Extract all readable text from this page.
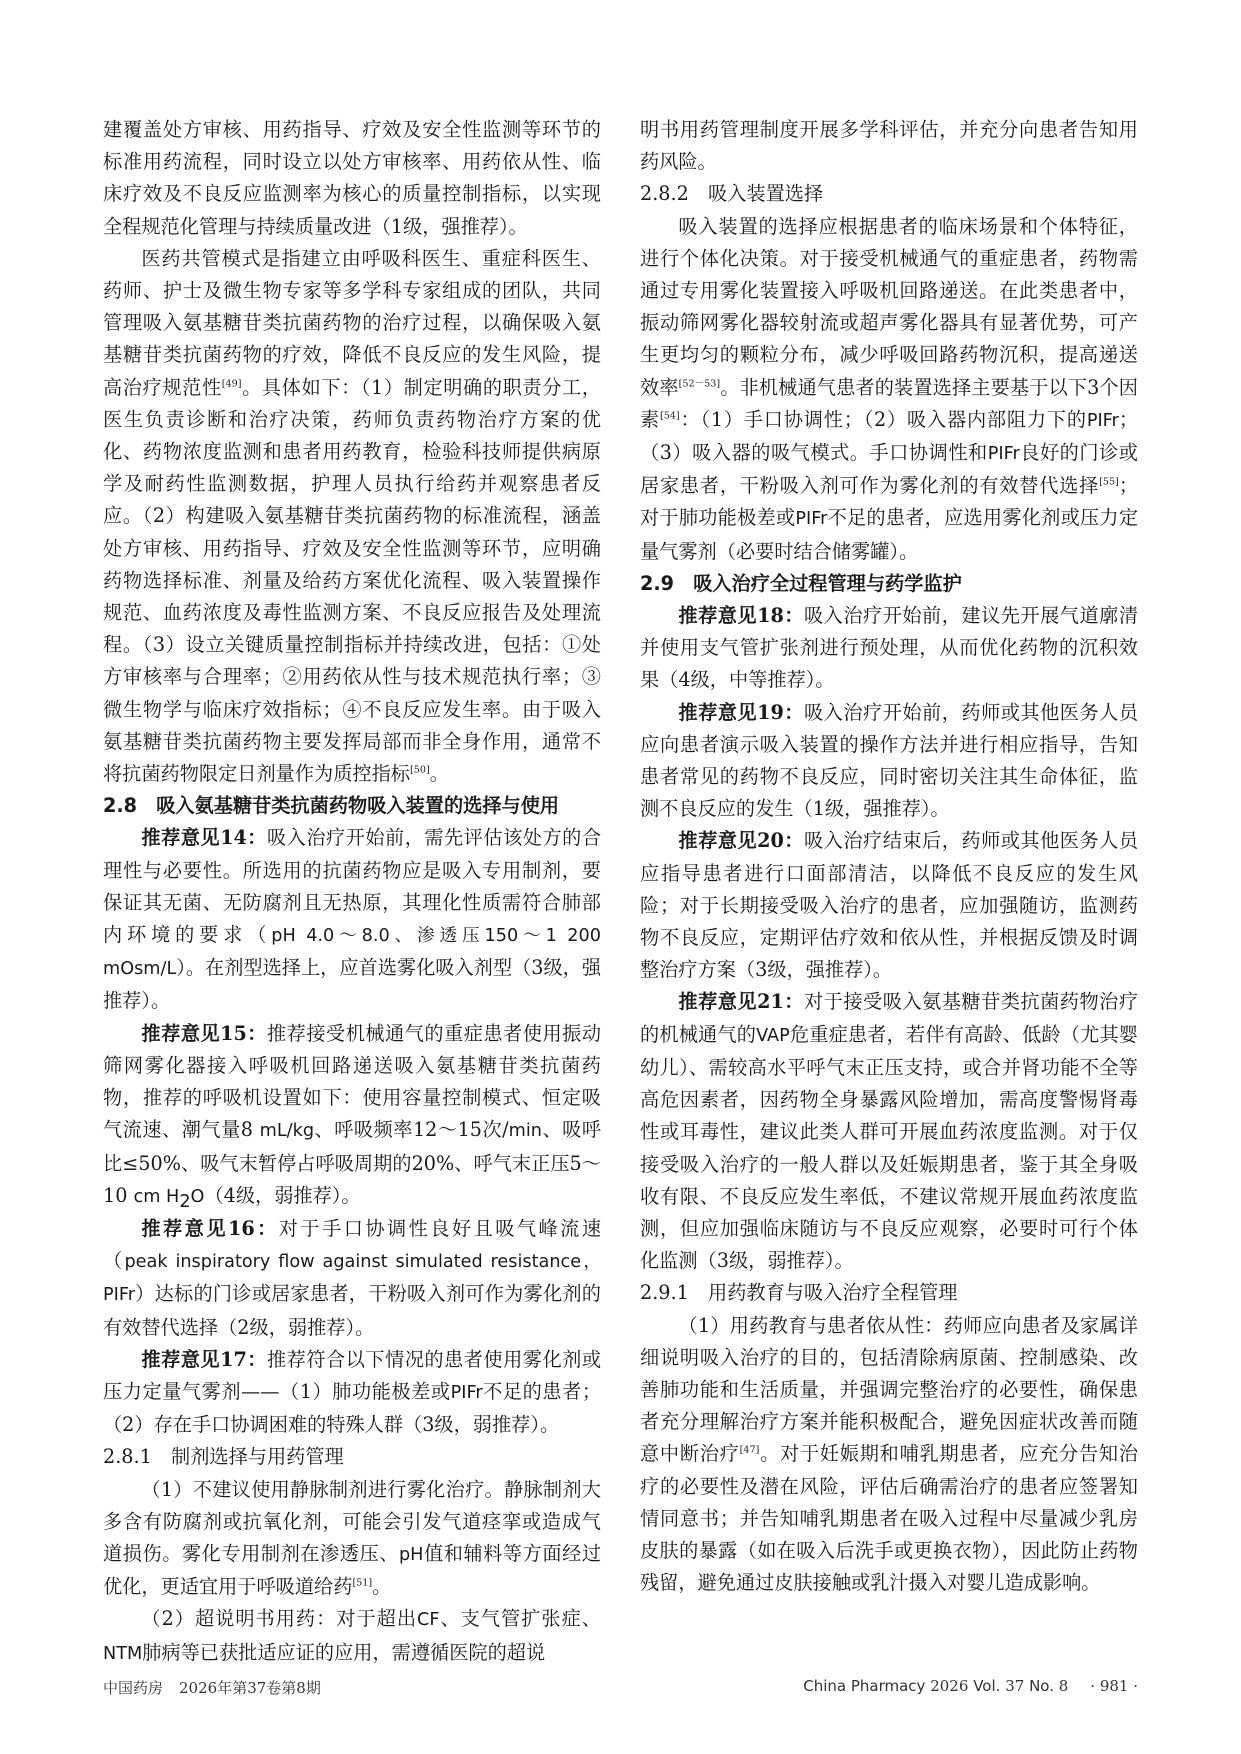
建覆盖处方审核、用药指导、疗效及安全性监测等环节的标准用药流程，同时设立以处方审核率、用药依从性、临床疗效及不良反应监测率为核心的质量控制指标，以实现全程规范化管理与持续质量改进（1级，强推荐）。

医药共管模式是指建立由呼吸科医生、重症科医生、药师、护士及微生物专家等多学科专家组成的团队，共同管理吸入氨基糖苷类抗菌药物的治疗过程，以确保吸入氨基糖苷类抗菌药物的疗效，降低不良反应的发生风险，提高治疗规范性[49]。具体如下：（1）制定明确的职责分工，医生负责诊断和治疗决策，药师负责药物治疗方案的优化、药物浓度监测和患者用药教育，检验科技师提供病原学及耐药性监测数据，护理人员执行给药并观察患者反应。（2）构建吸入氨基糖苷类抗菌药物的标准流程，涵盖处方审核、用药指导、疗效及安全性监测等环节，应明确药物选择标准、剂量及给药方案优化流程、吸入装置操作规范、血药浓度及毒性监测方案、不良反应报告及处理流程。（3）设立关键质量控制指标并持续改进，包括：①处方审核率与合理率；②用药依从性与技术规范执行率；③微生物学与临床疗效指标；④不良反应发生率。由于吸入氨基糖苷类抗菌药物主要发挥局部而非全身作用，通常不将抗菌药物限定日剂量作为质控指标[50]。

2.8 吸入氨基糖苷类抗菌药物吸入装置的选择与使用

推荐意见14：吸入治疗开始前，需先评估该处方的合理性与必要性。所选用的抗菌药物应是吸入专用制剂，要保证其无菌、无防腐剂且无热原，其理化性质需符合肺部内环境的要求（pH 4.0～8.0、渗透压150～1 200 mOsm/L）。在剂型选择上，应首选雾化吸入剂型（3级，强推荐）。

推荐意见15：推荐接受机械通气的重症患者使用振动筛网雾化器接入呼吸机回路递送吸入氨基糖苷类抗菌药物，推荐的呼吸机设置如下：使用容量控制模式、恒定吸气流速、潮气量8 mL/kg、呼吸频率12～15次/min、吸呼比≤50%、吸气末暂停占呼吸周期的20%、呼气末正压5～10 cm $H_2O(4$级，弱推荐）。

推荐意见16：对于手口协调性良好且吸气峰流速（peak inspiratory flow against simulated resistance，PIFr）达标的门诊或居家患者，干粉吸入剂可作为雾化剂的有效替代选择（2级，弱推荐）。

推荐意见17：推荐符合以下情况的患者使用雾化剂或压力定量气雾剂——（1）肺功能极差或PIFr不足的患者；（2）存在手口协调困难的特殊人群（3级，弱推荐）。

2.8.1 制剂选择与用药管理

（1）不建议使用静脉制剂进行雾化治疗。静脉制剂大多含有防腐剂或抗氧化剂，可能会引发气道痉挛或造成气道损伤。雾化专用制剂在渗透压、pH值和辅料等方面经过优化，更适宜用于呼吸道给药[51]。

（2）超说明书用药：对于超出CF、支气管扩张症、NTM肺病等已获批适应证的应用，需遵循医院的超说

明书用药管理制度开展多学科评估，并充分向患者告知用药风险。

2.8.2 吸入装置选择

吸入装置的选择应根据患者的临床场景和个体特征，进行个体化决策。对于接受机械通气的重症患者，药物需通过专用雾化装置接入呼吸机回路递送。在此类患者中，振动筛网雾化器较射流或超声雾化器具有显著优势，可产生更均匀的颗粒分布，减少呼吸回路药物沉积，提高递送效率[52－53]。非机械通气患者的装置选择主要基于以下3个因素[54]：（1）手口协调性；（2）吸入器内部阻力下的PIFr；（3）吸入器的吸气模式。手口协调性和PIFr良好的门诊或居家患者，干粉吸入剂可作为雾化剂的有效替代选择[55]；对于肺功能极差或PIFr不足的患者，应选用雾化剂或压力定量气雾剂（必要时结合储雾罐）。

2.9 吸入治疗全过程管理与药学监护

推荐意见18：吸入治疗开始前，建议先开展气道廓清并使用支气管扩张剂进行预处理，从而优化药物的沉积效果（4级，中等推荐）。

推荐意见19：吸入治疗开始前，药师或其他医务人员应向患者演示吸入装置的操作方法并进行相应指导，告知患者常见的药物不良反应，同时密切关注其生命体征，监测不良反应的发生（1级，强推荐）。

推荐意见20：吸入治疗结束后，药师或其他医务人员应指导患者进行口面部清洁，以降低不良反应的发生风险；对于长期接受吸入治疗的患者，应加强随访，监测药物不良反应，定期评估疗效和依从性，并根据反馈及时调整治疗方案（3级，强推荐）。

推荐意见21：对于接受吸入氨基糖苷类抗菌药物治疗的机械通气的VAP危重症患者，若伴有高龄、低龄（尤其婴幼儿）、需较高水平呼气末正压支持，或合并肾功能不全等高危因素者，因药物全身暴露风险增加，需高度警惕肾毒性或耳毒性，建议此类人群可开展血药浓度监测。对于仅接受吸入治疗的一般人群以及妊娠期患者，鉴于其全身吸收有限、不良反应发生率低，不建议常规开展血药浓度监测，但应加强临床随访与不良反应观察，必要时可行个体化监测（3级，弱推荐）。

2.9.1 用药教育与吸入治疗全程管理

（1）用药教育与患者依从性：药师应向患者及家属详细说明吸入治疗的目的，包括清除病原菌、控制感染、改善肺功能和生活质量，并强调完整治疗的必要性，确保患者充分理解治疗方案并能积极配合，避免因症状改善而随意中断治疗[47]。对于妊娠期和哺乳期患者，应充分告知治疗的必要性及潜在风险，评估后确需治疗的患者应签署知情同意书；并告知哺乳期患者在吸入过程中尽量减少乳房皮肤的暴露（如在吸入后洗手或更换衣物），因此防止药物残留，避免通过皮肤接触或乳汁摄入对婴儿造成影响。

中国药房 2026年第37卷第8期	China Pharmacy 2026 Vol. 37 No. 8 · 981 ·
